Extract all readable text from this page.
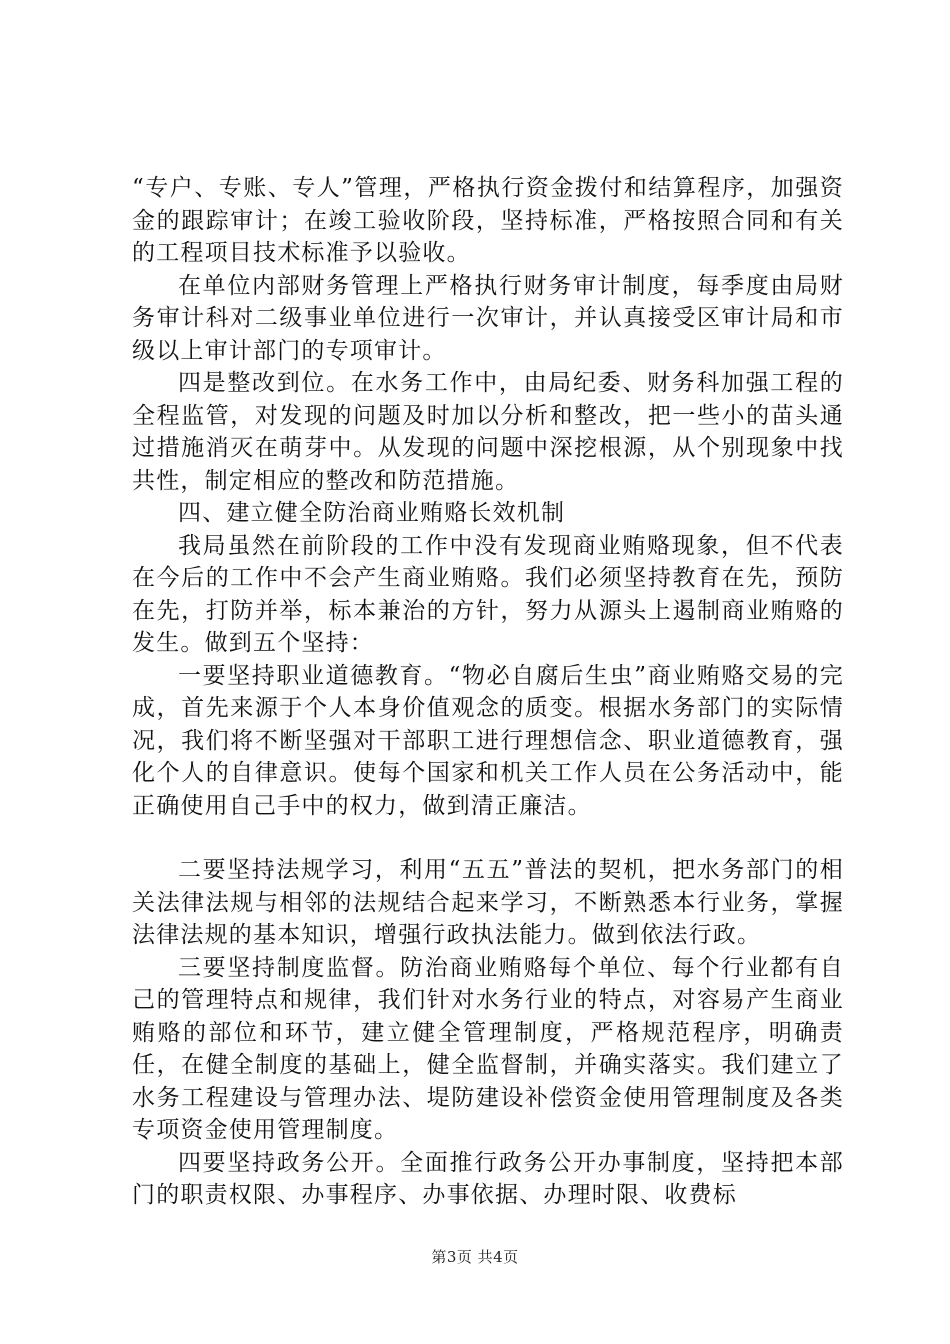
“专户、专账、专人”管理，严格执行资金拨付和结算程序，加强资金的跟踪审计；在竣工验收阶段，坚持标准，严格按照合同和有关的工程项目技术标准予以验收。

在单位内部财务管理上严格执行财务审计制度，每季度由局财务审计科对二级事业单位进行一次审计，并认真接受区审计局和市级以上审计部门的专项审计。

四是整改到位。在水务工作中，由局纪委、财务科加强工程的全程监管，对发现的问题及时加以分析和整改，把一些小的苗头通过措施消灭在萌芽中。从发现的问题中深挖根源，从个别现象中找共性，制定相应的整改和防范措施。

四、建立健全防治商业贿赂长效机制

我局虽然在前阶段的工作中没有发现商业贿赂现象，但不代表在今后的工作中不会产生商业贿赂。我们必须坚持教育在先，预防在先，打防并举，标本兼治的方针，努力从源头上遏制商业贿赂的发生。做到五个坚持：

一要坚持职业道德教育。“物必自腐后生虫”商业贿赂交易的完成，首先来源于个人本身价值观念的质变。根据水务部门的实际情况，我们将不断坚强对干部职工进行理想信念、职业道德教育，强化个人的自律意识。使每个国家和机关工作人员在公务活动中，能正确使用自己手中的权力，做到清正廉洁。

二要坚持法规学习，利用“五五”普法的契机，把水务部门的相关法律法规与相邻的法规结合起来学习，不断熟悉本行业务，掌握法律法规的基本知识，增强行政执法能力。做到依法行政。

三要坚持制度监督。防治商业贿赂每个单位、每个行业都有自己的管理特点和规律，我们针对水务行业的特点，对容易产生商业贿赂的部位和环节，建立健全管理制度，严格规范程序，明确责任，在健全制度的基础上，健全监督制，并确实落实。我们建立了水务工程建设与管理办法、堤防建设补偿资金使用管理制度及各类专项资金使用管理制度。

四要坚持政务公开。全面推行政务公开办事制度，坚持把本部门的职责权限、办事程序、办事依据、办理时限、收费标

第3页 共4页
